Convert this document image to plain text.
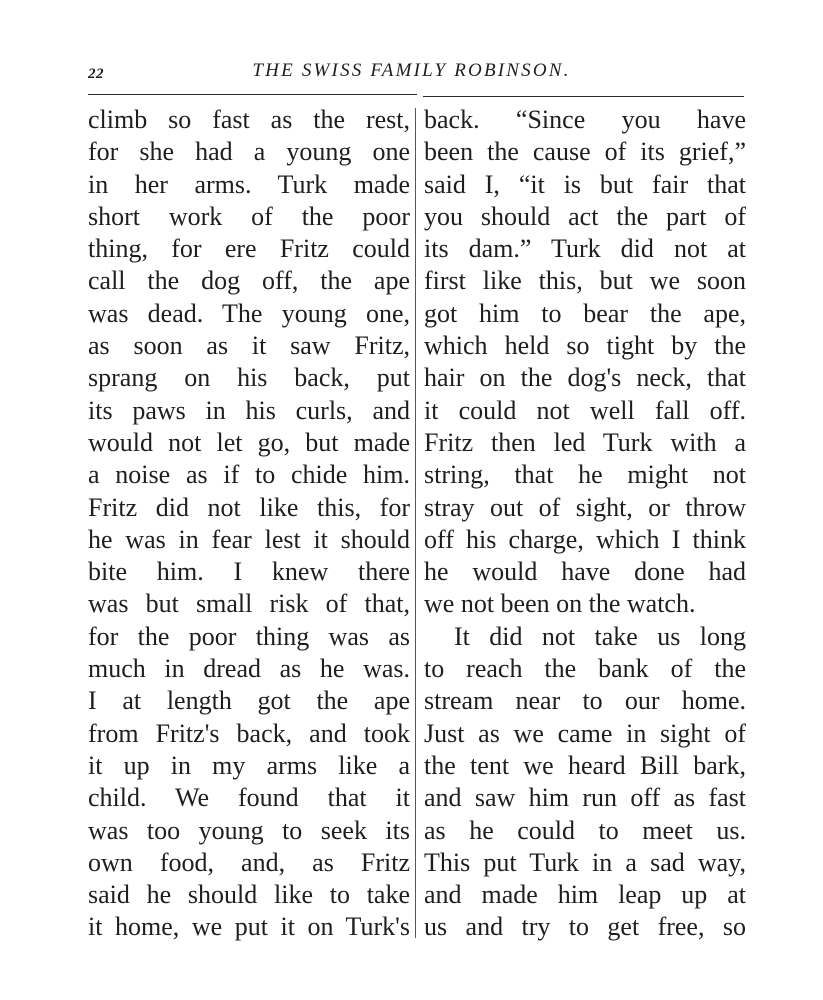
22	THE SWISS FAMILY ROBINSON.
climb so fast as the rest,
for she had a young one
in her arms. Turk made
short work of the poor
thing, for ere Fritz could
call the dog off, the ape
was dead. The young one,
as soon as it saw Fritz,
sprang on his back, put
its paws in his curls, and
would not let go, but made
a noise as if to chide him.
Fritz did not like this, for
he was in fear lest it should
bite him. I knew there
was but small risk of that,
for the poor thing was as
much in dread as he was.
I at length got the ape
from Fritz's back, and took
it up in my arms like a
child. We found that it
was too young to seek its
own food, and, as Fritz
said he should like to take
it home, we put it on Turk's
back. “Since you have
been the cause of its grief,”
said I, “it is but fair that
you should act the part of
its dam.” Turk did not at
first like this, but we soon
got him to bear the ape,
which held so tight by the
hair on the dog's neck, that
it could not well fall off.
Fritz then led Turk with a
string, that he might not
stray out of sight, or throw
off his charge, which I think
he would have done had
we not been on the watch.
It did not take us long
to reach the bank of the
stream near to our home.
Just as we came in sight of
the tent we heard Bill bark,
and saw him run off as fast
as he could to meet us.
This put Turk in a sad way,
and made him leap up at
us and try to get free, so
